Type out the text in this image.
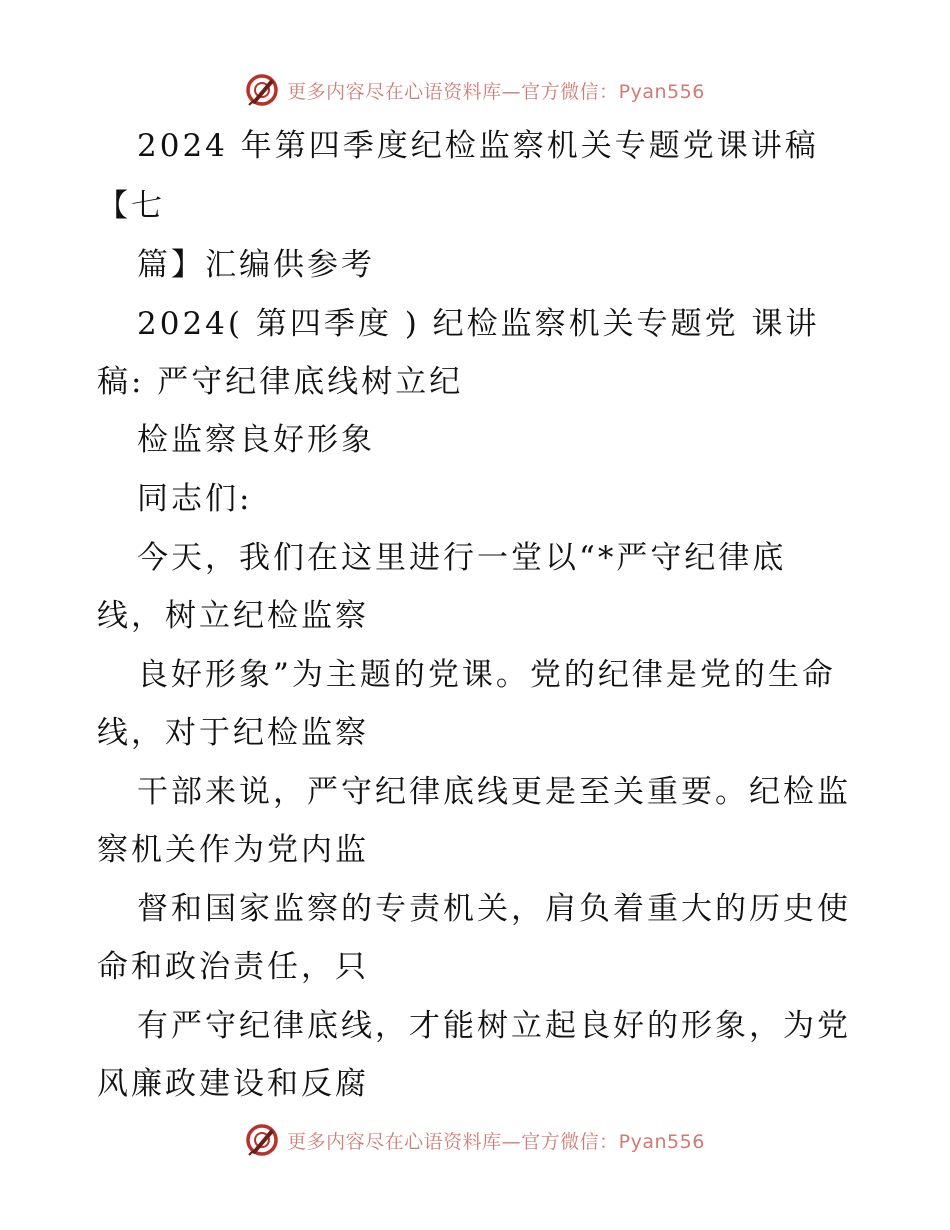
更多内容尽在心语资料库—官方微信：Pyan556
2024 年第四季度纪检监察机关专题党课讲稿
【七
篇】汇编供参考
2024( 第四季度 ) 纪检监察机关专题党 课讲
稿: 严守纪律底线树立纪
检监察良好形象
同志们:
今天，我们在这里进行一堂以“*严守纪律底
线，树立纪检监察
良好形象”为主题的党课。党的纪律是党的生命
线，对于纪检监察
干部来说，严守纪律底线更是至关重要。纪检监
察机关作为党内监
督和国家监察的专责机关，肩负着重大的历史使
命和政治责任，只
有严守纪律底线，才能树立起良好的形象，为党
风廉政建设和反腐
更多内容尽在心语资料库—官方微信：Pyan556
